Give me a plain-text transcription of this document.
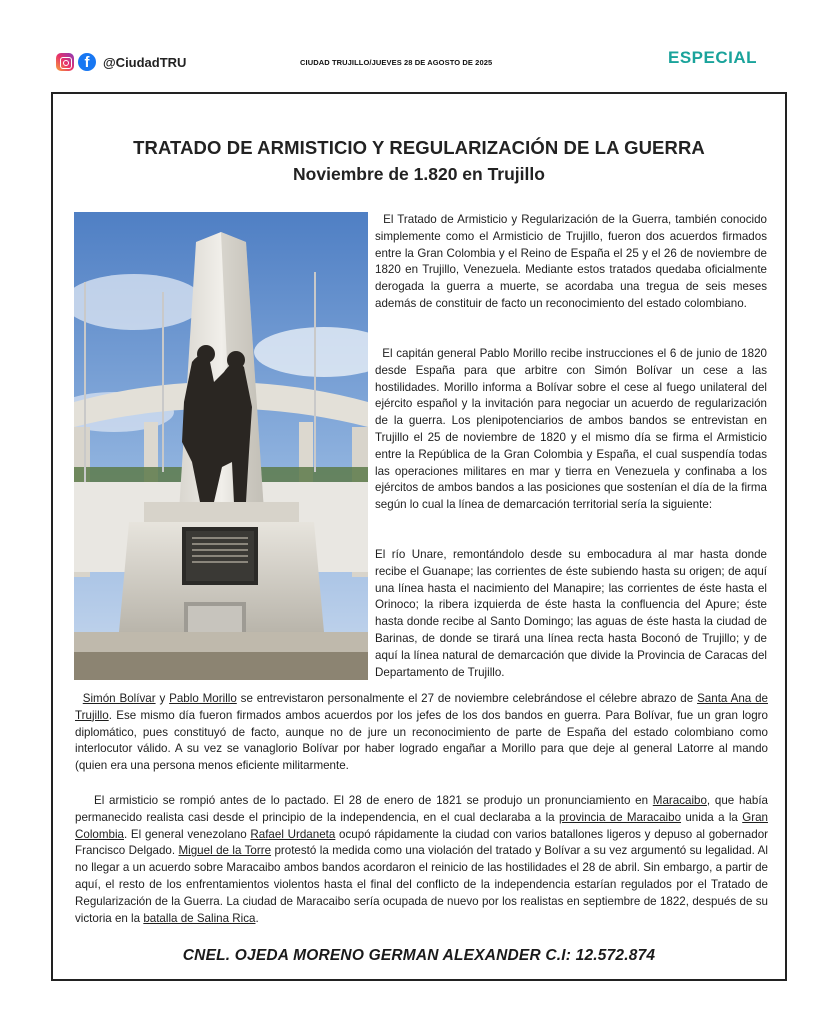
f	@CiudadTRU	CIUDAD TRUJILLO/JUEVES 28 DE AGOSTO DE 2025	ESPECIAL
TRATADO DE ARMISTICIO Y REGULARIZACIÓN DE LA GUERRA
Noviembre de 1.820 en Trujillo

El Tratado de Armisticio y Regularización de la Guerra, también conocido simplemente como el Armisticio de Trujillo, fueron dos acuerdos firmados entre la Gran Colombia y el Reino de España el 25 y el 26 de noviembre de 1820 en Trujillo, Venezuela. Mediante estos tratados quedaba oficialmente derogada la guerra a muerte, se acordaba una tregua de seis meses además de constituir de facto un reconocimiento del estado colombiano.

El capitán general Pablo Morillo recibe instrucciones el 6 de junio de 1820 desde España para que arbitre con Simón Bolívar un cese a las hostilidades. Morillo informa a Bolívar sobre el cese al fuego unilateral del ejército español y la invitación para negociar un acuerdo de regularización de la guerra. Los plenipotenciarios de ambos bandos se entrevistan en Trujillo el 25 de noviembre de 1820 y el mismo día se firma el Armisticio entre la República de la Gran Colombia y España, el cual suspendía todas las operaciones militares en mar y tierra en Venezuela y confinaba a los ejércitos de ambos bandos a las posiciones que sostenían el día de la firma según lo cual la línea de demarcación territorial sería la siguiente:

El río Unare, remontándolo desde su embocadura al mar hasta donde recibe el Guanape; las corrientes de éste subiendo hasta su origen; de aquí una línea hasta el nacimiento del Manapire; las corrientes de éste hasta el Orinoco; la ribera izquierda de éste hasta la confluencia del Apure; éste hasta donde recibe al Santo Domingo; las aguas de éste hasta la ciudad de Barinas, de donde se tirará una línea recta hasta Boconó de Trujillo; y de aquí la línea natural de demarcación que divide la Provincia de Caracas del Departamento de Trujillo.

Simón Bolívar y Pablo Morillo se entrevistaron personalmente el 27 de noviembre celebrándose el célebre abrazo de Santa Ana de Trujillo. Ese mismo día fueron firmados ambos acuerdos por los jefes de los dos bandos en guerra. Para Bolívar, fue un gran logro diplomático, pues constituyó de facto, aunque no de jure un reconocimiento de parte de España del estado colombiano como interlocutor válido. A su vez se vanaglorio Bolívar por haber logrado engañar a Morillo para que deje al general Latorre al mando (quien era una persona menos eficiente militarmente.

El armisticio se rompió antes de lo pactado. El 28 de enero de 1821 se produjo un pronunciamiento en Maracaibo, que había permanecido realista casi desde el principio de la independencia, en el cual declaraba a la provincia de Maracaibo unida a la Gran Colombia. El general venezolano Rafael Urdaneta ocupó rápidamente la ciudad con varios batallones ligeros y depuso al gobernador Francisco Delgado. Miguel de la Torre protestó la medida como una violación del tratado y Bolívar a su vez argumentó su legalidad. Al no llegar a un acuerdo sobre Maracaibo ambos bandos acordaron el reinicio de las hostilidades el 28 de abril. Sin embargo, a partir de aquí, el resto de los enfrentamientos violentos hasta el final del conflicto de la independencia estarían regulados por el Tratado de Regularización de la Guerra. La ciudad de Maracaibo sería ocupada de nuevo por los realistas en septiembre de 1822, después de su victoria en la batalla de Salina Rica.

CNEL. OJEDA MORENO GERMAN ALEXANDER C.I: 12.572.874
